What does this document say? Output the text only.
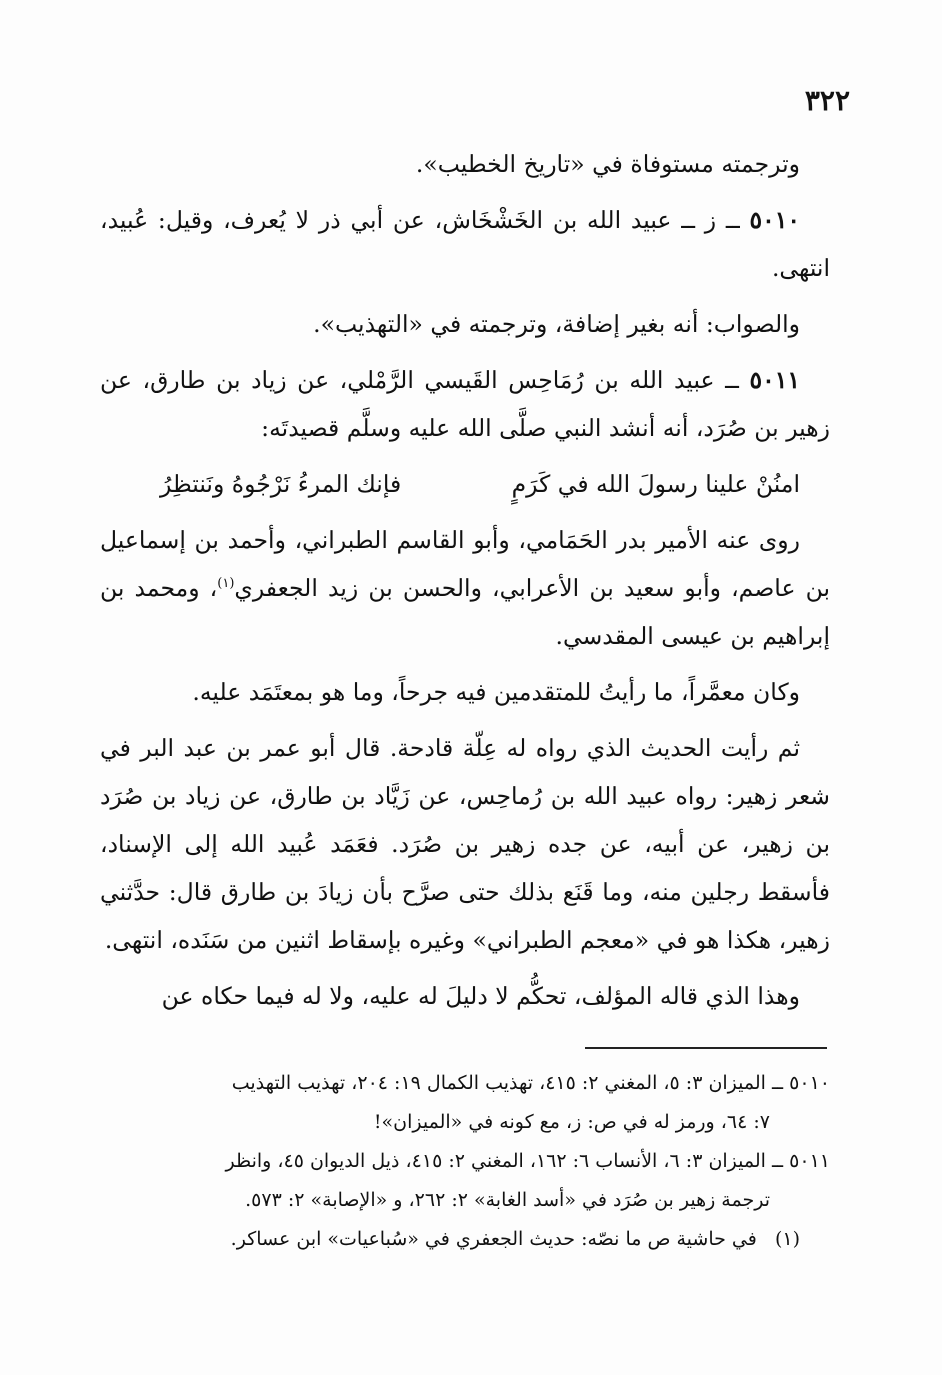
٣٢٢

وترجمته مستوفاة في «تاريخ الخطيب».

٥٠١٠ ــ ز ــ عبيد الله بن الخَشْخَاش، عن أبي ذر لا يُعرف، وقيل: عُبيد، انتهى.

والصواب: أنه بغير إضافة، وترجمته في «التهذيب».

٥٠١١ ــ عبيد الله بن رُمَاحِس القَيسي الرَّمْلي، عن زياد بن طارق، عن زهير بن صُرَد، أنه أنشد النبي صلَّى الله عليه وسلَّم قصيدتَه:

امنُنْ علينا رسولَ الله في كَرَمٍ
فإنك المرءُ نَرْجُوهُ ونَنتظِرُ

روى عنه الأمير بدر الحَمَامي، وأبو القاسم الطبراني، وأحمد بن إسماعيل بن عاصم، وأبو سعيد بن الأعرابي، والحسن بن زيد الجعفري$^{(١)}$، ومحمد بن إبراهيم بن عيسى المقدسي.

وكان معمَّراً، ما رأيتُ للمتقدمين فيه جرحاً، وما هو بمعتَمَد عليه.

ثم رأيت الحديث الذي رواه له عِلّة قادحة. قال أبو عمر بن عبد البر في شعر زهير: رواه عبيد الله بن رُماحِس، عن زَيَّاد بن طارق، عن زياد بن صُرَد بن زهير، عن أبيه، عن جده زهير بن صُرَد. فعَمَد عُبيد الله إلى الإسناد، فأسقط رجلين منه، وما قَنَع بذلك حتى صرَّح بأن زيادَ بن طارق قال: حدَّثني زهير، هكذا هو في «معجم الطبراني» وغيره بإسقاط اثنين من سَنَده، انتهى.

وهذا الذي قاله المؤلف، تحكُّم لا دليلَ له عليه، ولا له فيما حكاه عن

٥٠١٠ ــ الميزان ٣: ٥، المغني ٢: ٤١٥، تهذيب الكمال ١٩: ٢٠٤، تهذيب التهذيب
٧: ٦٤، ورمز له في ص: ز، مع كونه في «الميزان»!

٥٠١١ ــ الميزان ٣: ٦، الأنساب ٦: ١٦٢، المغني ٢: ٤١٥، ذيل الديوان ٤٥، وانظر
ترجمة زهير بن صُرَد في «أسد الغابة» ٢: ٢٦٢، و «الإصابة» ٢: ٥٧٣.

(١)   في حاشية ص ما نصّه: حديث الجعفري في «سُباعيات» ابن عساكر.
